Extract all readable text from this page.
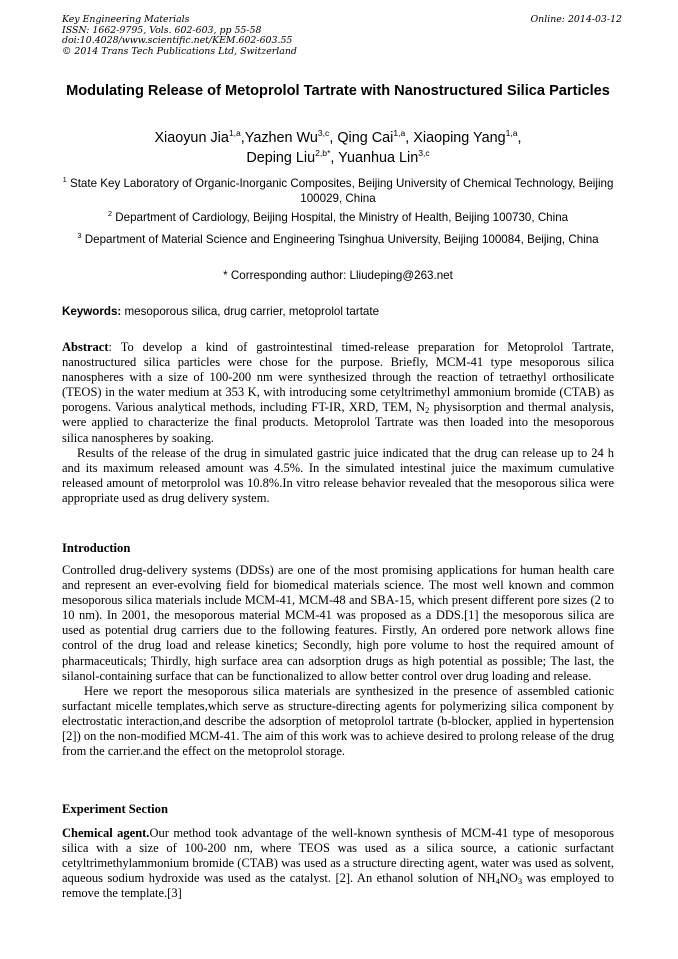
Key Engineering Materials
ISSN: 1662-9795, Vols. 602-603, pp 55-58
doi:10.4028/www.scientific.net/KEM.602-603.55
© 2014 Trans Tech Publications Ltd, Switzerland
Online: 2014-03-12
Modulating Release of Metoprolol Tartrate with Nanostructured Silica Particles
Xiaoyun Jia$^{1,a}$,Yazhen Wu$^{3,c}$, Qing Cai$^{1,a}$, Xiaoping Yang$^{1,a}$,
Deping Liu$^{2,b*}$, Yuanhua Lin$^{3,c}$
$^1$ State Key Laboratory of Organic-Inorganic Composites, Beijing University of Chemical Technology, Beijing 100029, China
$^2$ Department of Cardiology, Beijing Hospital, the Ministry of Health, Beijing 100730, China
$^3$ Department of Material Science and Engineering Tsinghua University, Beijing 100084, Beijing, China
* Corresponding author: Lliudeping@263.net
Keywords: mesoporous silica, drug carrier, metoprolol tartate

Abstract: To develop a kind of gastrointestinal timed-release preparation for Metoprolol Tartrate, nanostructured silica particles were chose for the purpose. Briefly, MCM-41 type mesoporous silica nanospheres with a size of 100-200 nm were synthesized through the reaction of tetraethyl orthosilicate (TEOS) in the water medium at 353 K, with introducing some cetyltrimethyl ammonium bromide (CTAB) as porogens. Various analytical methods, including FT-IR, XRD, TEM, $N_2$ physisorption and thermal analysis, were applied to characterize the final products. Metoprolol Tartrate was then loaded into the mesoporous silica nanospheres by soaking.

Results of the release of the drug in simulated gastric juice indicated that the drug can release up to 24 h and its maximum released amount was 4.5%. In the simulated intestinal juice the maximum cumulative released amount of metorprolol was 10.8%.In vitro release behavior revealed that the mesoporous silica were appropriate used as drug delivery system.

Introduction

Controlled drug-delivery systems (DDSs) are one of the most promising applications for human health care and represent an ever-evolving field for biomedical materials science. The most well known and common mesoporous silica materials include MCM-41, MCM-48 and SBA-15, which present different pore sizes (2 to 10 nm). In 2001, the mesoporous material MCM-41 was proposed as a DDS.[1] the mesoporous silica are used as potential drug carriers due to the following features. Firstly, An ordered pore network allows fine control of the drug load and release kinetics; Secondly, high pore volume to host the required amount of pharmaceuticals; Thirdly, high surface area can adsorption drugs as high potential as possible; The last, the silanol-containing surface that can be functionalized to allow better control over drug loading and release.

Here we report the mesoporous silica materials are synthesized in the presence of assembled cationic surfactant micelle templates,which serve as structure-directing agents for polymerizing silica component by electrostatic interaction,and describe the adsorption of metoprolol tartrate (b-blocker, applied in hypertension [2]) on the non-modified MCM-41. The aim of this work was to achieve desired to prolong release of the drug from the carrier.and the effect on the metoprolol storage.

Experiment Section

Chemical agent.Our method took advantage of the well-known synthesis of MCM-41 type of mesoporous silica with a size of 100-200 nm, where TEOS was used as a silica source, a cationic surfactant cetyltrimethylammonium bromide (CTAB) was used as a structure directing agent, water was used as solvent, aqueous sodium hydroxide was used as the catalyst. [2]. An ethanol solution of $NH_4NO_3$ was employed to remove the template.[3]
